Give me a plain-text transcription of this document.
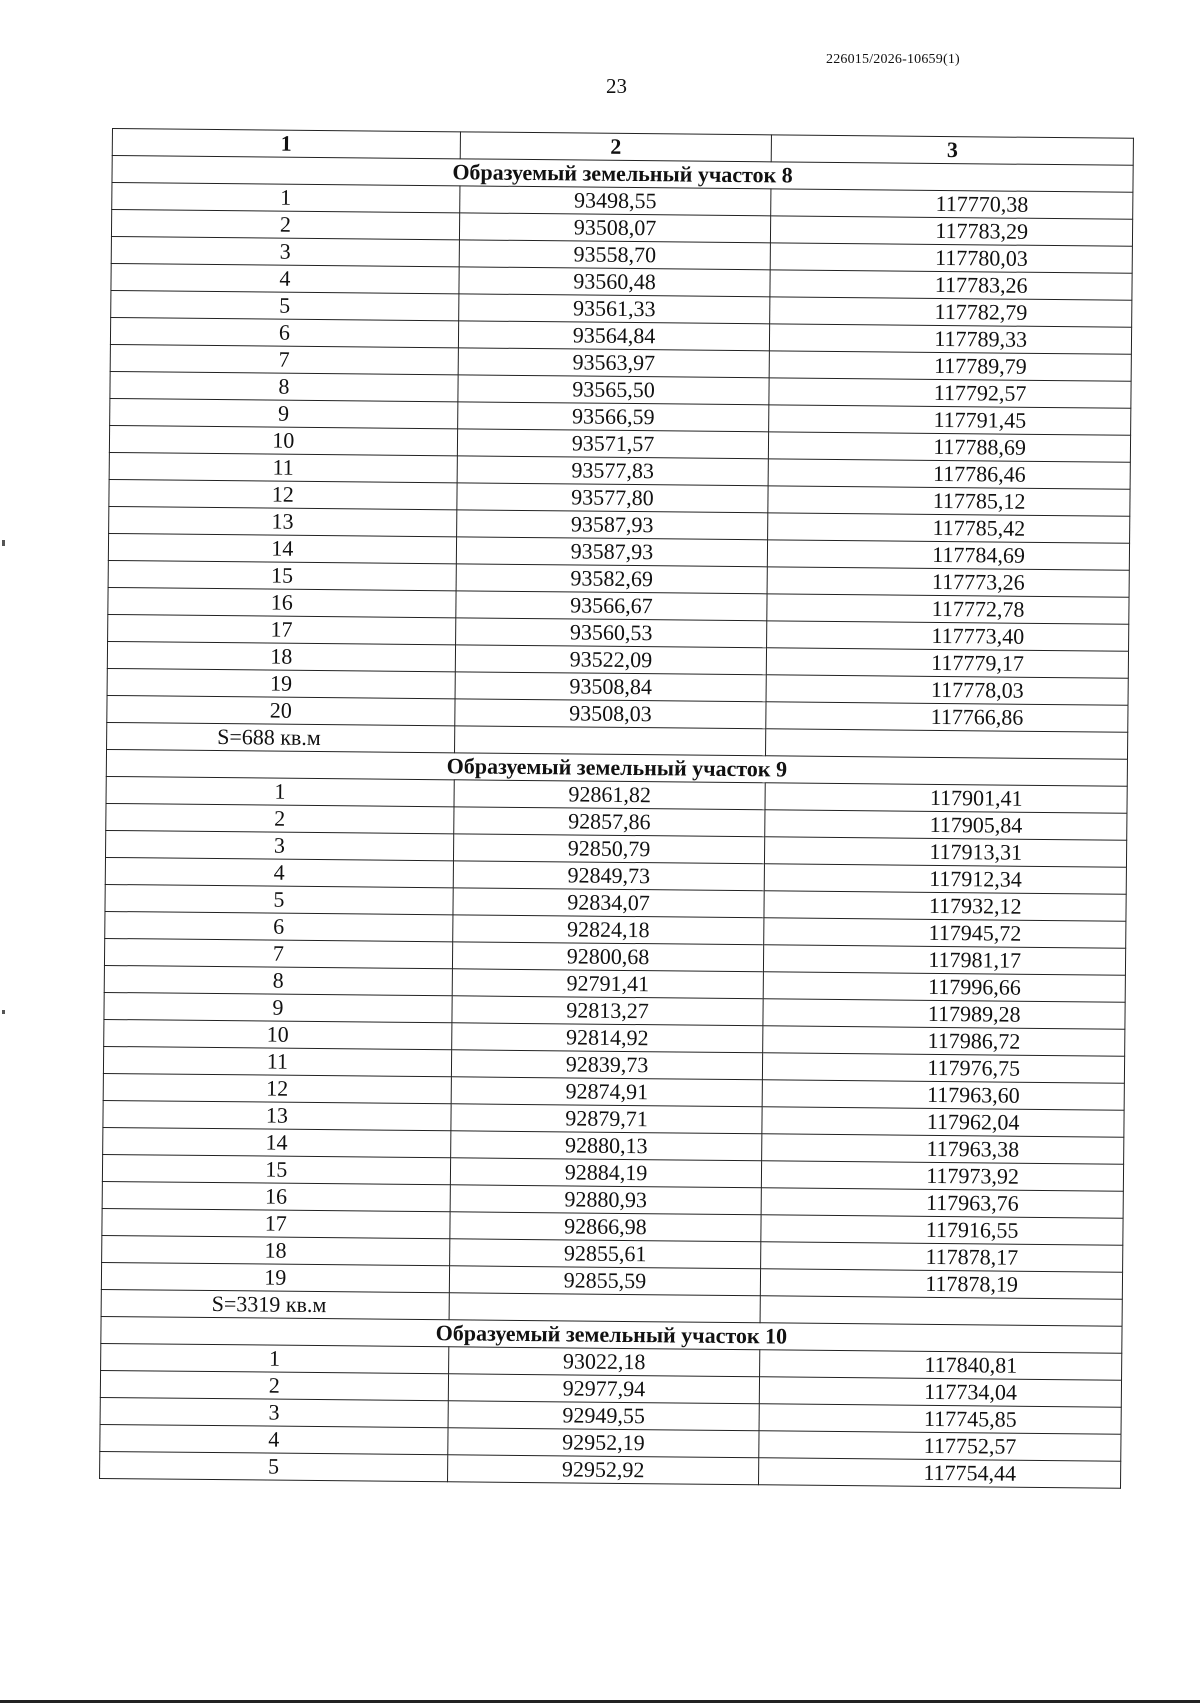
226015/2026-10659(1)
23
1	2	3
Образуемый земельный участок 8		
1	93498,55	117770,38
2	93508,07	117783,29
3	93558,70	117780,03
4	93560,48	117783,26
5	93561,33	117782,79
6	93564,84	117789,33
7	93563,97	117789,79
8	93565,50	117792,57
9	93566,59	117791,45
10	93571,57	117788,69
11	93577,83	117786,46
12	93577,80	117785,12
13	93587,93	117785,42
14	93587,93	117784,69
15	93582,69	117773,26
16	93566,67	117772,78
17	93560,53	117773,40
18	93522,09	117779,17
19	93508,84	117778,03
20	93508,03	117766,86
S=688 кв.м		
Образуемый земельный участок 9		
1	92861,82	117901,41
2	92857,86	117905,84
3	92850,79	117913,31
4	92849,73	117912,34
5	92834,07	117932,12
6	92824,18	117945,72
7	92800,68	117981,17
8	92791,41	117996,66
9	92813,27	117989,28
10	92814,92	117986,72
11	92839,73	117976,75
12	92874,91	117963,60
13	92879,71	117962,04
14	92880,13	117963,38
15	92884,19	117973,92
16	92880,93	117963,76
17	92866,98	117916,55
18	92855,61	117878,17
19	92855,59	117878,19
S=3319 кв.м		
Образуемый земельный участок 10		
1	93022,18	117840,81
2	92977,94	117734,04
3	92949,55	117745,85
4	92952,19	117752,57
5	92952,92	117754,44
